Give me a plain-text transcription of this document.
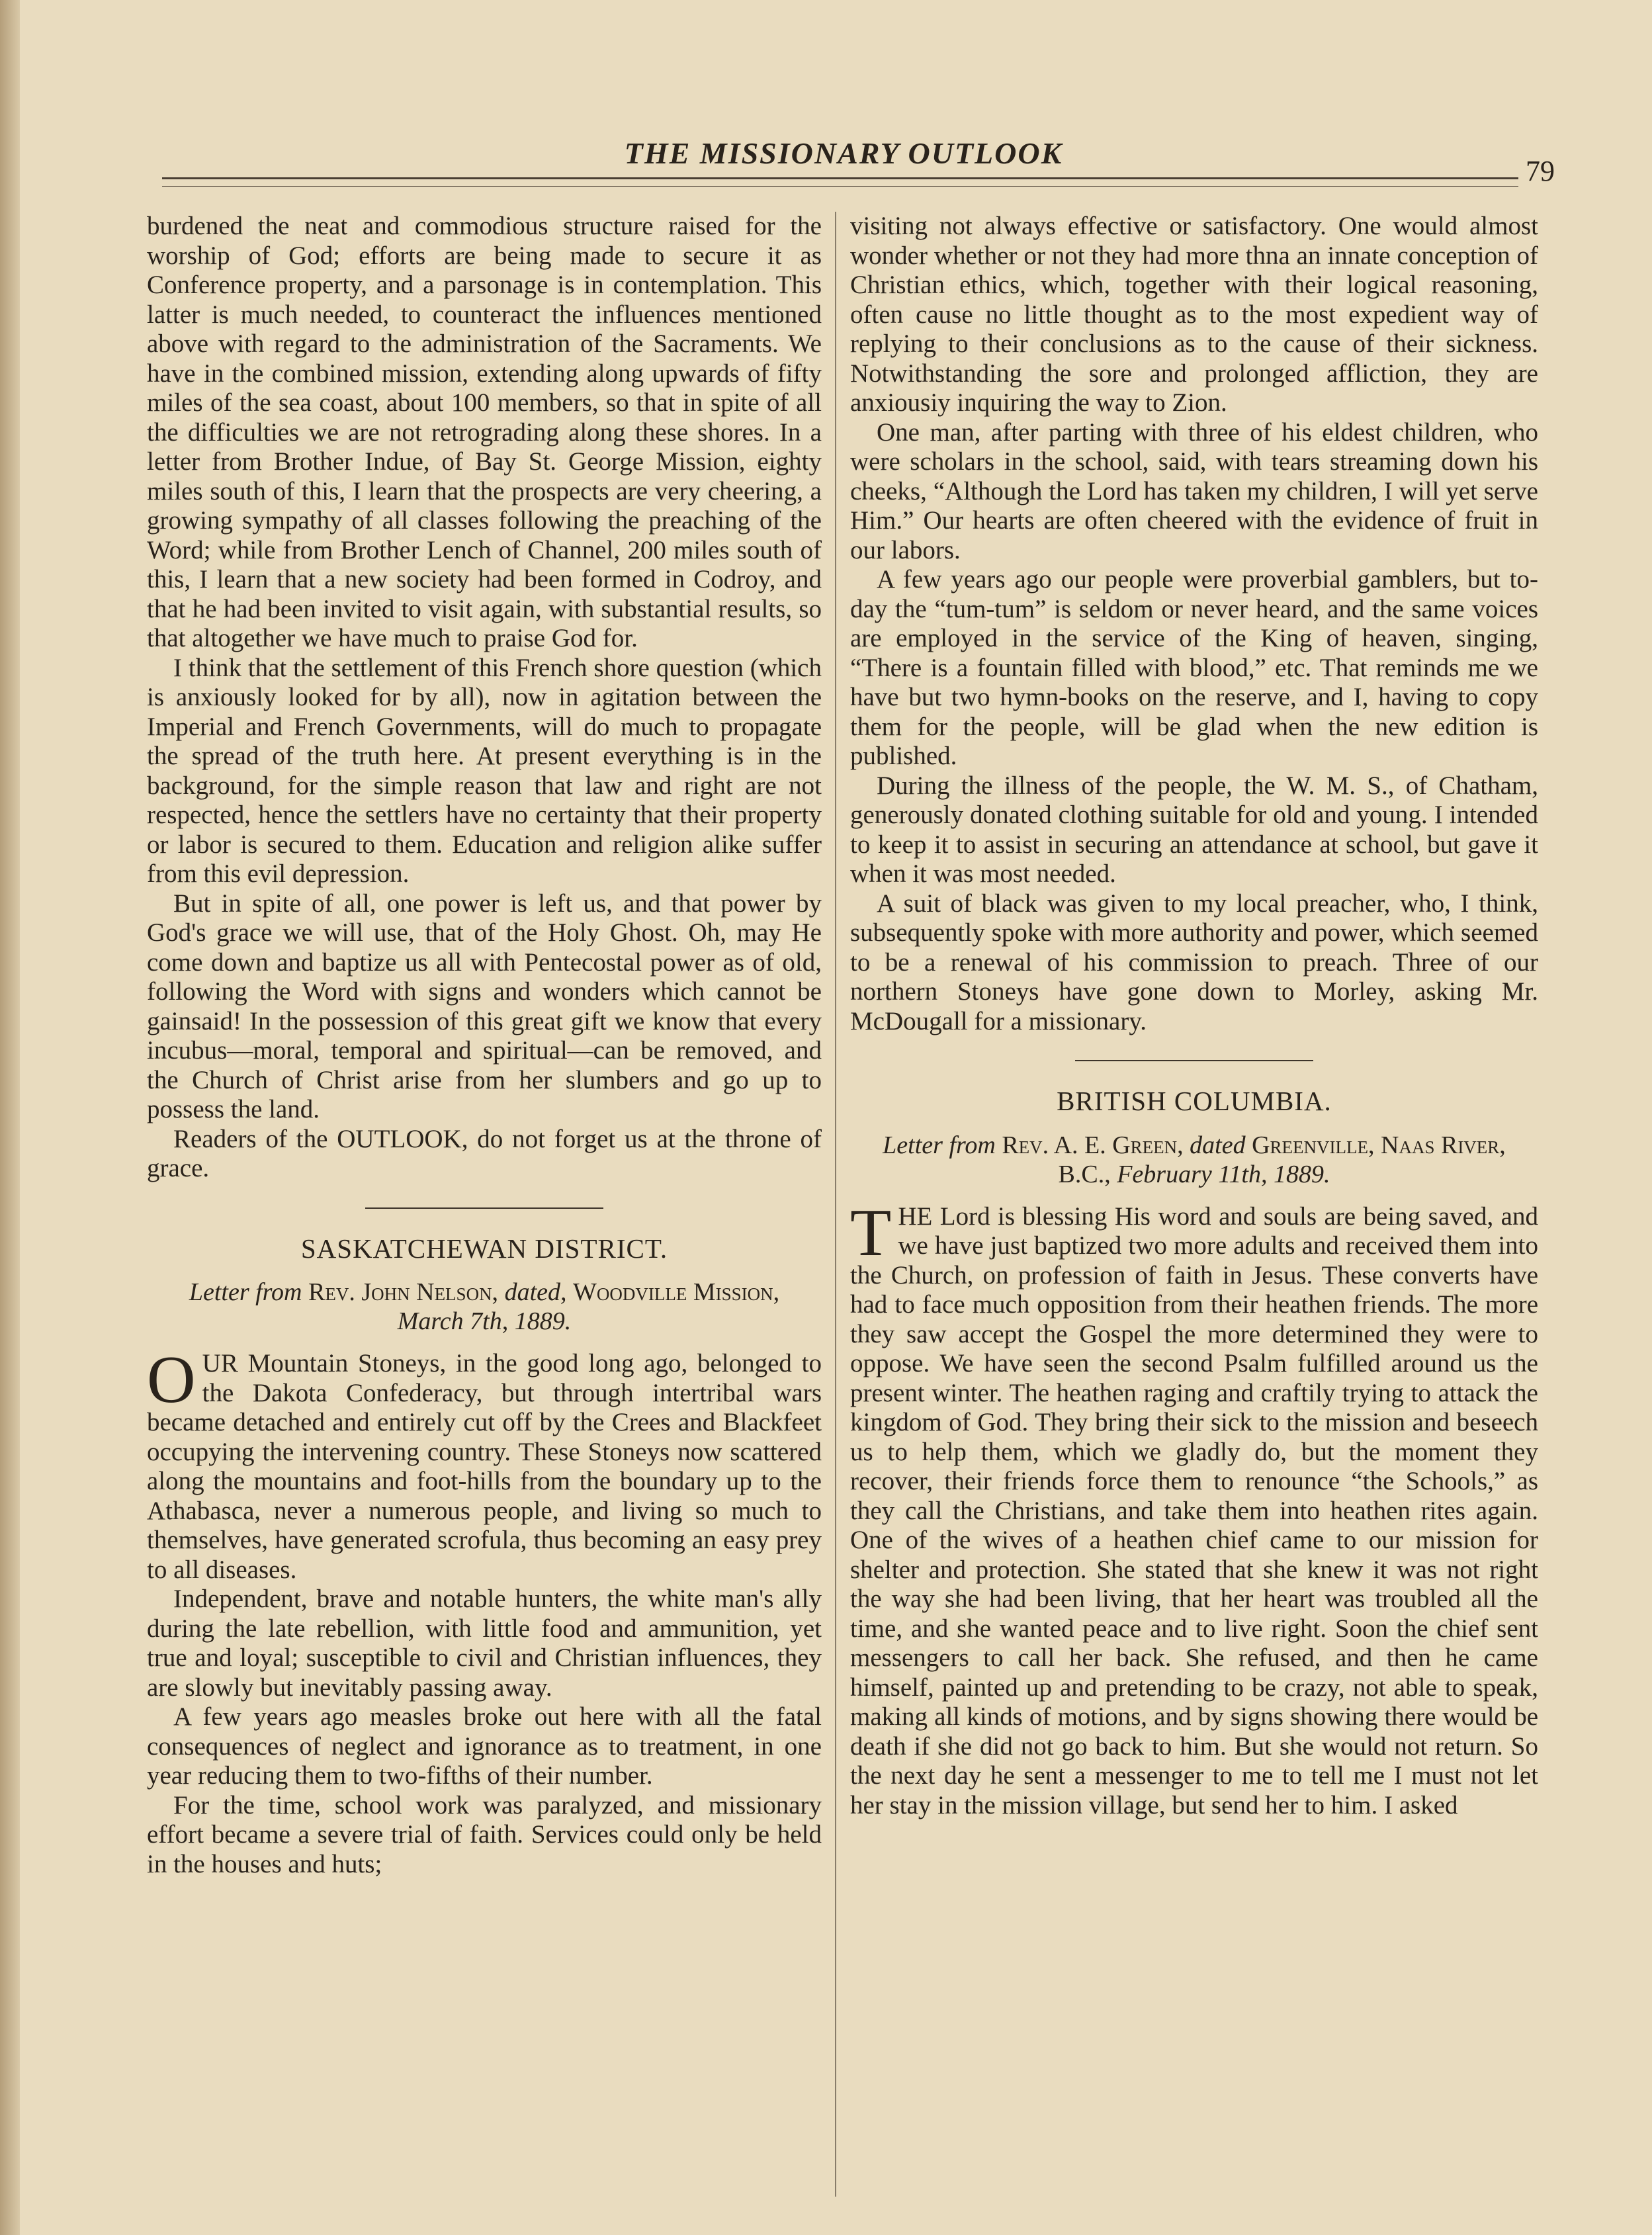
THE MISSIONARY OUTLOOK
79

burdened the neat and commodious structure raised for the worship of God; efforts are being made to secure it as Conference property, and a parsonage is in contemplation. This latter is much needed, to counteract the influences mentioned above with regard to the administration of the Sacraments. We have in the combined mission, extending along upwards of fifty miles of the sea coast, about 100 members, so that in spite of all the difficulties we are not retrograding along these shores. In a letter from Brother Indue, of Bay St. George Mission, eighty miles south of this, I learn that the prospects are very cheering, a growing sympathy of all classes following the preaching of the Word; while from Brother Lench of Channel, 200 miles south of this, I learn that a new society had been formed in Codroy, and that he had been invited to visit again, with substantial results, so that altogether we have much to praise God for.

I think that the settlement of this French shore question (which is anxiously looked for by all), now in agitation between the Imperial and French Governments, will do much to propagate the spread of the truth here. At present everything is in the background, for the simple reason that law and right are not respected, hence the settlers have no certainty that their property or labor is secured to them. Education and religion alike suffer from this evil depression.

But in spite of all, one power is left us, and that power by God's grace we will use, that of the Holy Ghost. Oh, may He come down and baptize us all with Pentecostal power as of old, following the Word with signs and wonders which cannot be gainsaid! In the possession of this great gift we know that every incubus—moral, temporal and spiritual—can be removed, and the Church of Christ arise from her slumbers and go up to possess the land.

Readers of the OUTLOOK, do not forget us at the throne of grace.

SASKATCHEWAN DISTRICT.
Letter from Rev. John Nelson, dated, Woodville Mission, March 7th, 1889.

OUR Mountain Stoneys, in the good long ago, belonged to the Dakota Confederacy, but through intertribal wars became detached and entirely cut off by the Crees and Blackfeet occupying the intervening country. These Stoneys now scattered along the mountains and foot-hills from the boundary up to the Athabasca, never a numerous people, and living so much to themselves, have generated scrofula, thus becoming an easy prey to all diseases.

Independent, brave and notable hunters, the white man's ally during the late rebellion, with little food and ammunition, yet true and loyal; susceptible to civil and Christian influences, they are slowly but inevitably passing away.

A few years ago measles broke out here with all the fatal consequences of neglect and ignorance as to treatment, in one year reducing them to two-fifths of their number.

For the time, school work was paralyzed, and missionary effort became a severe trial of faith. Services could only be held in the houses and huts;

visiting not always effective or satisfactory. One would almost wonder whether or not they had more thna an innate conception of Christian ethics, which, together with their logical reasoning, often cause no little thought as to the most expedient way of replying to their conclusions as to the cause of their sickness. Notwithstanding the sore and prolonged affliction, they are anxiousiy inquiring the way to Zion.

One man, after parting with three of his eldest children, who were scholars in the school, said, with tears streaming down his cheeks, “Although the Lord has taken my children, I will yet serve Him.” Our hearts are often cheered with the evidence of fruit in our labors.

A few years ago our people were proverbial gamblers, but to-day the “tum-tum” is seldom or never heard, and the same voices are employed in the service of the King of heaven, singing, “There is a fountain filled with blood,” etc. That reminds me we have but two hymn-books on the reserve, and I, having to copy them for the people, will be glad when the new edition is published.

During the illness of the people, the W. M. S., of Chatham, generously donated clothing suitable for old and young. I intended to keep it to assist in securing an attendance at school, but gave it when it was most needed.

A suit of black was given to my local preacher, who, I think, subsequently spoke with more authority and power, which seemed to be a renewal of his commission to preach. Three of our northern Stoneys have gone down to Morley, asking Mr. McDougall for a missionary.

BRITISH COLUMBIA.
Letter from Rev. A. E. Green, dated Greenville, Naas River, B.C., February 11th, 1889.

THE Lord is blessing His word and souls are being saved, and we have just baptized two more adults and received them into the Church, on profession of faith in Jesus. These converts have had to face much opposition from their heathen friends. The more they saw accept the Gospel the more determined they were to oppose. We have seen the second Psalm fulfilled around us the present winter. The heathen raging and craftily trying to attack the kingdom of God. They bring their sick to the mission and beseech us to help them, which we gladly do, but the moment they recover, their friends force them to renounce “the Schools,” as they call the Christians, and take them into heathen rites again. One of the wives of a heathen chief came to our mission for shelter and protection. She stated that she knew it was not right the way she had been living, that her heart was troubled all the time, and she wanted peace and to live right. Soon the chief sent messengers to call her back. She refused, and then he came himself, painted up and pretending to be crazy, not able to speak, making all kinds of motions, and by signs showing there would be death if she did not go back to him. But she would not return. So the next day he sent a messenger to me to tell me I must not let her stay in the mission village, but send her to him. I asked
